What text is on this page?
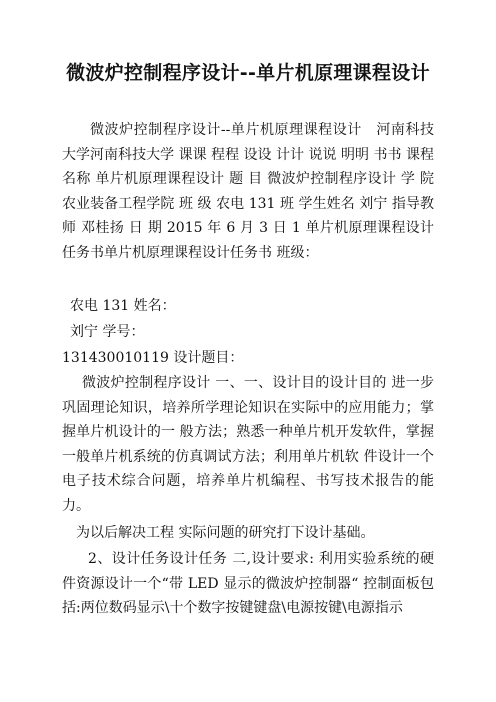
微波炉控制程序设计--单片机原理课程设计
微波炉控制程序设计--单片机原理课程设计　河南科技大学河南科技大学 课课 程程 设设 计计 说说 明明 书书 课程名称 单片机原理课程设计 题 目 微波炉控制程序设计 学 院 农业装备工程学院 班 级 农电 131 班 学生姓名 刘宁 指导教师 邓桂扬 日 期 2015 年 6 月 3 日 1 单片机原理课程设计任务书单片机原理课程设计任务书 班级：
农电 131 姓名：
刘宁 学号：
131430010119 设计题目：
微波炉控制程序设计 一、一、设计目的设计目的 进一步巩固理论知识，培养所学理论知识在实际中的应用能力；掌握单片机设计的一 般方法；熟悉一种单片机开发软件，掌握一般单片机系统的仿真调试方法；利用单片机软 件设计一个电子技术综合问题，培养单片机编程、书写技术报告的能力。
为以后解决工程 实际问题的研究打下设计基础。
2、设计任务设计任务 二,设计要求: 利用实验系统的硬件资源设计一个“带 LED 显示的微波炉控制器“ 控制面板包括:两位数码显示\十个数字按键键盘\电源按键\电源指示
